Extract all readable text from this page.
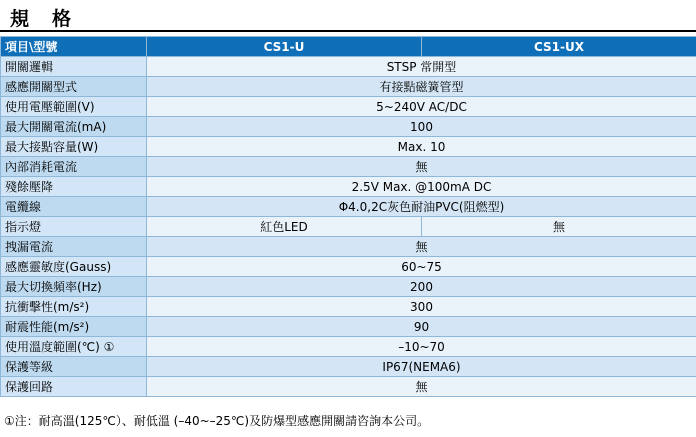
規　格
項目\型號	CS1-U	CS1-UX
開關邏輯	STSP 常開型	
感應開關型式	有接點磁簧管型	
使用電壓範圍(V)	5~240V AC/DC	
最大開關電流(mA)	100	
最大接點容量(W)	Max. 10	
內部消耗電流	無	
殘餘壓降	2.5V Max. @100mA DC	
電纜線	Φ4.0,2C灰色耐油PVC(阻燃型)	
指示燈	紅色LED	無
拽漏電流	無	
感應靈敏度(Gauss)	60~75	
最大切換頻率(Hz)	200	
抗衝擊性(m/s²)	300	
耐震性能(m/s²)	90	
使用溫度範圍(℃) ①	–10~70	
保護等級	IP67(NEMA6)	
保護回路	無	
①注：耐高溫(125℃）、耐低溫 (–40~–25℃)及防爆型感應開關請咨詢本公司。
